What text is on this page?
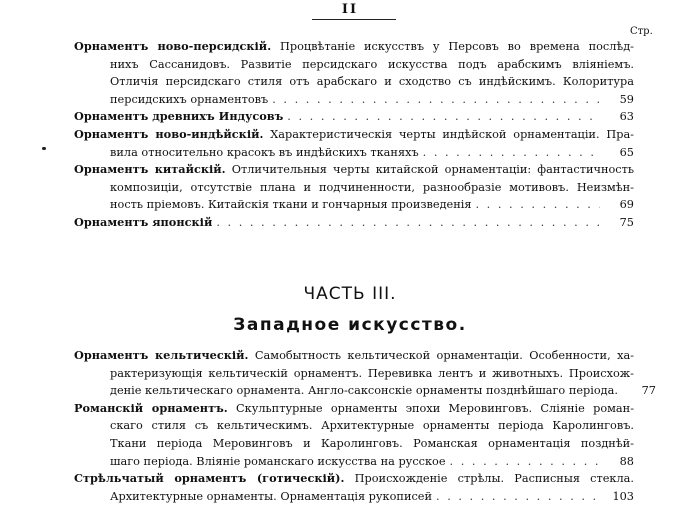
II
Стр.
Орнаментъ ново-персидскій. Процвѣтаніе искусствъ у Персовъ во времена послѣд-
нихъ Сассанидовъ. Развитіе персидскаго искусства подъ арабскимъ вліяніемъ.
Отличія персидскаго стиля отъ арабскаго и сходство съ индѣйскимъ. Колоритура
персидскихъ орнаментовъ . . .	59
Орнаментъ древнихъ Индусовъ . . .	63
Орнаментъ ново-индѣйскій. Характеристическія черты индѣйской орнаментаціи. Пра-
вила относительно красокъ въ индѣйскихъ тканяхъ . . .	65
Орнаментъ китайскій. Отличительныя черты китайской орнаментаціи: фантастичность
композиціи, отсутствіе плана и подчиненности, разнообразіе мотивовъ. Неизмѣн-
ность пріемовъ. Китайскія ткани и гончарныя произведенія . . .	69
Орнаментъ японскій . . .	75
ЧАСТЬ III.
Западное искусство.
Орнаментъ кельтическій. Самобытность кельтической орнаментаціи. Особенности, ха-
рактеризующія кельтическій орнаментъ. Перевивка лентъ и животныхъ. Происхож-
деніе кельтическаго орнамента. Англо-саксонскіе орнаменты позднѣйшаго періода.	77
Романскій орнаментъ. Скульптурные орнаменты эпохи Меровинговъ. Сліяніе роман-
скаго стиля съ кельтическимъ. Архитектурные орнаменты періода Каролинговъ.
Ткани періода Меровинговъ и Каролинговъ. Романская орнаментація позднѣй-
шаго періода. Вліяніе романскаго искусства на русское . . .	88
Стрѣльчатый орнаментъ (готическій). Происхожденіе стрѣлы. Расписныя стекла.
Архитектурные орнаменты. Орнаментація рукописей . . .	103
